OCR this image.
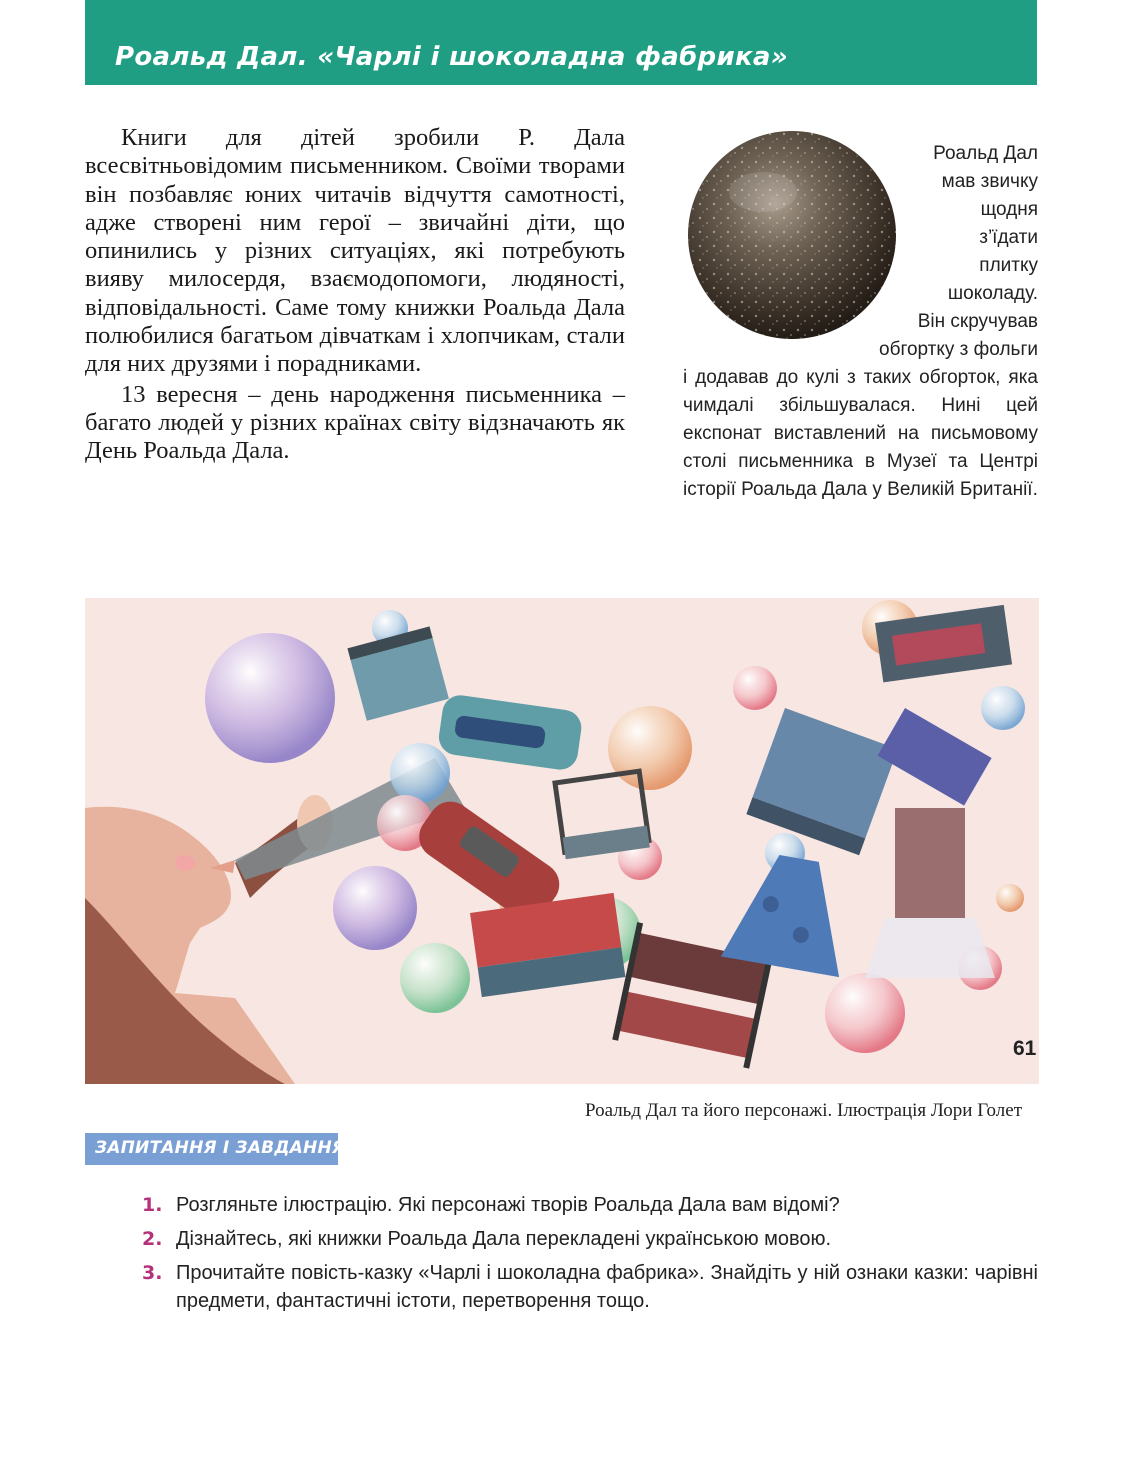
Роальд Дал. «Чарлі і шоколадна фабрика»

Книги для дітей зробили Р. Дала всесвітньовідомим письменником. Своїми творами він позбавляє юних читачів відчуття самотності, адже створені ним герої – звичайні діти, що опинились у різних ситуаціях, які потребують вияву милосердя, взаємодопомоги, людяності, відповідальності. Саме тому книжки Роальда Дала полюбилися багатьом дівчаткам і хлопчикам, стали для них друзями і порадниками.

13 вересня – день народження письменника – багато людей у різних країнах світу відзначають як День Роальда Дала.

Роальд Дал
мав звичку
щодня
з’їдати
плитку
шоколаду.
Він скручував
обгортку з фольги
і додавав до кулі з таких обгорток, яка чимдалі збільшувалася. Нині цей експонат виставлений на письмовому столі письменника в Музеї та Центрі історії Роальда Дала у Великій Британії.
Роальд Дал та його персонажі. Ілюстрація Лори Голет
ЗАПИТАННЯ І ЗАВДАННЯ
1. Розгляньте ілюстрацію. Які персонажі творів Роальда Дала вам відомі?
2. Дізнайтесь, які книжки Роальда Дала перекладені українською мовою.
3. Прочитайте повість-казку «Чарлі і шоколадна фабрика». Знайдіть у ній ознаки казки: чарівні предмети, фантастичні істоти, перетворення тощо.
61
